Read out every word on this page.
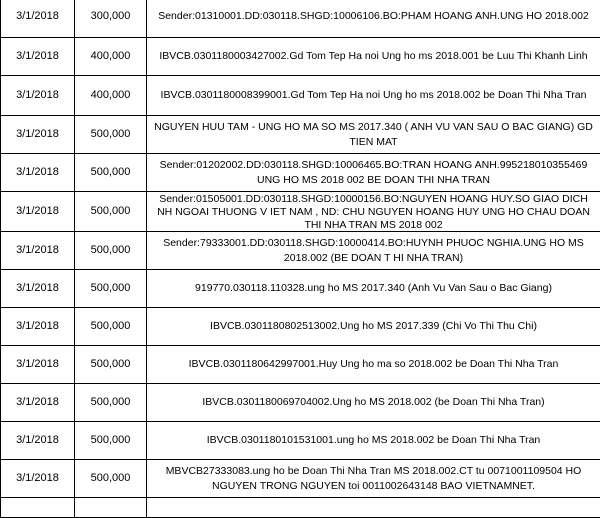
3/1/2018	300,000	Sender:01310001.DD:030118.SHGD:10006106.BO:PHAM HOANG ANH.UNG HO 2018.002
3/1/2018	400,000	IBVCB.0301180003427002.Gd Tom Tep Ha noi Ung ho ms 2018.001 be Luu Thi Khanh Linh
3/1/2018	400,000	IBVCB.0301180008399001.Gd Tom Tep Ha noi Ung ho ms 2018.002 be Doan Thi Nha Tran
3/1/2018	500,000	NGUYEN HUU TAM - UNG HO MA SO MS 2017.340 ( ANH VU VAN SAU O BAC GIANG) GD TIEN MAT
3/1/2018	500,000	Sender:01202002.DD:030118.SHGD:10006465.BO:TRAN HOANG ANH.995218010355469 UNG HO MS 2018 002 BE DOAN THI NHA TRAN
3/1/2018	500,000	Sender:01505001.DD:030118.SHGD:10000156.BO:NGUYEN HOANG HUY.SO GIAO DICH NH NGOAI THUONG V IET NAM , ND: CHU NGUYEN HOANG HUY UNG HO CHAU DOAN THI NHA TRAN MS 2018 002

3/1/2018	500,000	Sender:79333001.DD:030118.SHGD:10000414.BO:HUYNH PHUOC NGHIA.UNG HO MS 2018.002 (BE DOAN T HI NHA TRAN)
3/1/2018	500,000	919770.030118.110328.ung ho MS 2017.340 (Anh Vu Van Sau o Bac Giang)
3/1/2018	500,000	IBVCB.0301180802513002.Ung ho MS 2017.339 (Chi Vo Thi Thu Chi)
3/1/2018	500,000	IBVCB.0301180642997001.Huy Ung ho ma so 2018.002 be Doan Thi Nha Tran
3/1/2018	500,000	IBVCB.0301180069704002.Ung ho MS 2018.002 (be Doan Thi Nha Tran)
3/1/2018	500,000	IBVCB.0301180101531001.ung ho MS 2018.002 be Doan Thi Nha Tran
3/1/2018	500,000	MBVCB27333083.ung ho be Doan Thi Nha Tran MS 2018.002.CT tu 0071001109504 HO NGUYEN TRONG NGUYEN toi 0011002643148 BAO VIETNAMNET.
